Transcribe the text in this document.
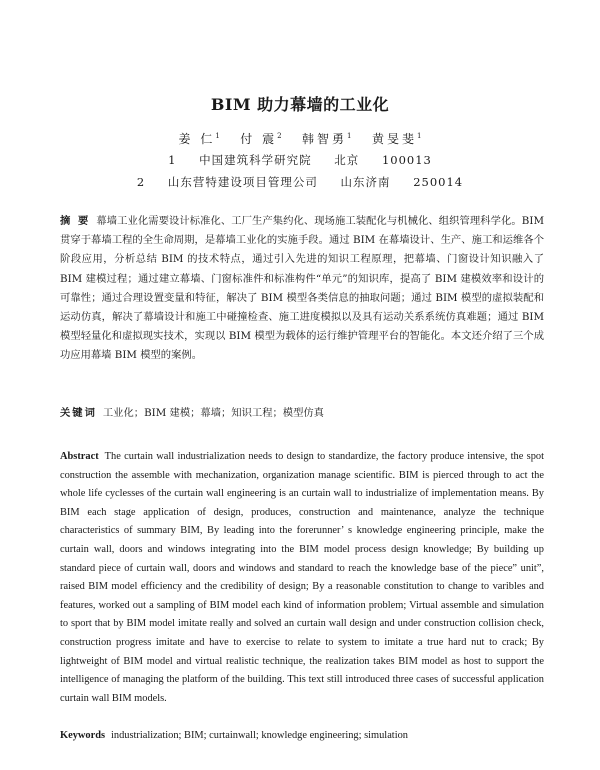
BIM 助力幕墙的工业化
姜 仁$^1$ 付 震$^2$ 韩智勇$^1$ 黄旻斐$^1$
1 中国建筑科学研究院 北京 100013
2 山东营特建设项目管理公司 山东济南 250014
摘 要 幕墙工业化需要设计标准化、工厂生产集约化、现场施工装配化与机械化、组织管理科学化。BIM贯穿于幕墙工程的全生命周期，是幕墙工业化的实施手段。通过 BIM 在幕墙设计、生产、施工和运维各个阶段应用，分析总结 BIM 的技术特点，通过引入先进的知识工程原理，把幕墙、门窗设计知识融入了 BIM 建模过程；通过建立幕墙、门窗标准件和标准构件“单元”的知识库，提高了 BIM 建模效率和设计的可靠性；通过合理设置变量和特征，解决了 BIM 模型各类信息的抽取问题；通过 BIM 模型的虚拟装配和运动仿真，解决了幕墙设计和施工中碰撞检查、施工进度模拟以及具有运动关系系统仿真难题；通过 BIM 模型轻量化和虚拟现实技术，实现以 BIM 模型为载体的运行维护管理平台的智能化。本文还介绍了三个成功应用幕墙 BIM 模型的案例。
关键词 工业化；BIM 建模；幕墙；知识工程；模型仿真
Abstract The curtain wall industrialization needs to design to standardize, the factory produce intensive, the spot construction the assemble with mechanization, organization manage scientific. BIM is pierced through to act the whole life cyclesses of the curtain wall engineering is an curtain wall to industrialize of implementation means. By BIM each stage application of design, produces, construction and maintenance, analyze the technique characteristics of summary BIM, By leading into the forerunner’ s knowledge engineering principle, make the curtain wall, doors and windows integrating into the BIM model process design knowledge; By building up standard piece of curtain wall, doors and windows and standard to reach the knowledge base of the piece” unit”, raised BIM model efficiency and the credibility of design; By a reasonable constitution to change to varibles and features, worked out a sampling of BIM model each kind of information problem; Virtual assemble and simulation to sport that by BIM model imitate really and solved an curtain wall design and under construction collision check, construction progress imitate and have to exercise to relate to system to imitate a true hard nut to crack; By lightweight of BIM model and virtual realistic technique, the realization takes BIM model as host to support the intelligence of managing the platform of the building. This text still introduced three cases of successful application curtain wall BIM models.
Keywords industrialization; BIM; curtainwall; knowledge engineering; simulation
